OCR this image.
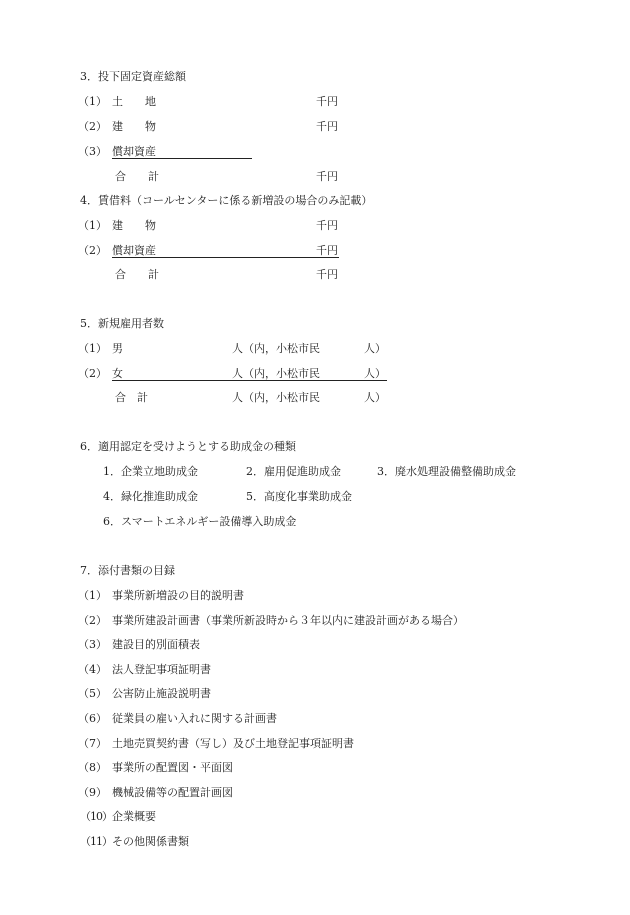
3．投下固定資産総額
（1） 土　　地	千円
（2） 建　　物	千円
（3） 償却資産
合　　計	千円
4．賃借料（コールセンターに係る新増設の場合のみ記載）
（1） 建　　物	千円
（2） 償却資産	千円
合　　計	千円
5．新規雇用者数
（1） 男	人（内，小松市民	人）
（2） 女	人（内，小松市民	人）
合　計	人（内，小松市民	人）
6．適用認定を受けようとする助成金の種類
1．企業立地助成金	2．雇用促進助成金	3．廃水処理設備整備助成金
4．緑化推進助成金	5．高度化事業助成金
6．スマートエネルギー設備導入助成金
7．添付書類の目録
（1） 事業所新増設の目的説明書
（2） 事業所建設計画書（事業所新設時から３年以内に建設計画がある場合）
（3） 建設目的別面積表
（4） 法人登記事項証明書
（5） 公害防止施設説明書
（6） 従業員の雇い入れに関する計画書
（7） 土地売買契約書（写し）及び土地登記事項証明書
（8） 事業所の配置図・平面図
（9） 機械設備等の配置計画図
（10） 企業概要
（11） その他関係書類
